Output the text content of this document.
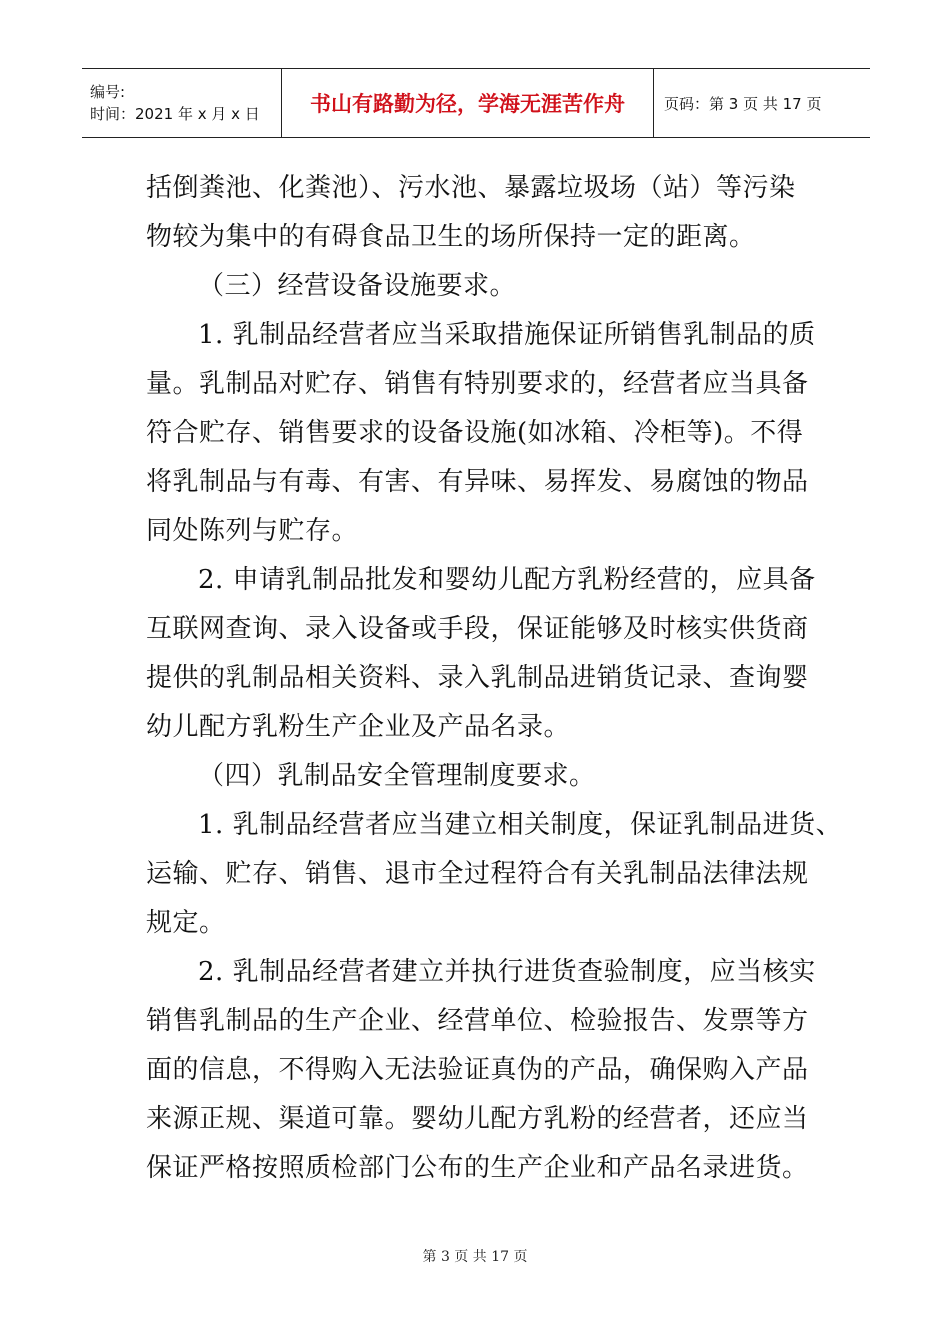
编号:
时间：2021 年 x 月 x 日	书山有路勤为径，学海无涯苦作舟	页码：第 3 页 共 17 页
括倒粪池、化粪池）、污水池、暴露垃圾场（站）等污染
物较为集中的有碍食品卫生的场所保持一定的距离。
（三）经营设备设施要求。
1. 乳制品经营者应当采取措施保证所销售乳制品的质
量。乳制品对贮存、销售有特别要求的，经营者应当具备
符合贮存、销售要求的设备设施(如冰箱、冷柜等)。不得
将乳制品与有毒、有害、有异味、易挥发、易腐蚀的物品
同处陈列与贮存。
2. 申请乳制品批发和婴幼儿配方乳粉经营的，应具备
互联网查询、录入设备或手段，保证能够及时核实供货商
提供的乳制品相关资料、录入乳制品进销货记录、查询婴
幼儿配方乳粉生产企业及产品名录。
（四）乳制品安全管理制度要求。
1. 乳制品经营者应当建立相关制度，保证乳制品进货、
运输、贮存、销售、退市全过程符合有关乳制品法律法规
规定。
2. 乳制品经营者建立并执行进货查验制度，应当核实
销售乳制品的生产企业、经营单位、检验报告、发票等方
面的信息，不得购入无法验证真伪的产品，确保购入产品
来源正规、渠道可靠。婴幼儿配方乳粉的经营者，还应当
保证严格按照质检部门公布的生产企业和产品名录进货。
第 3 页 共 17 页
